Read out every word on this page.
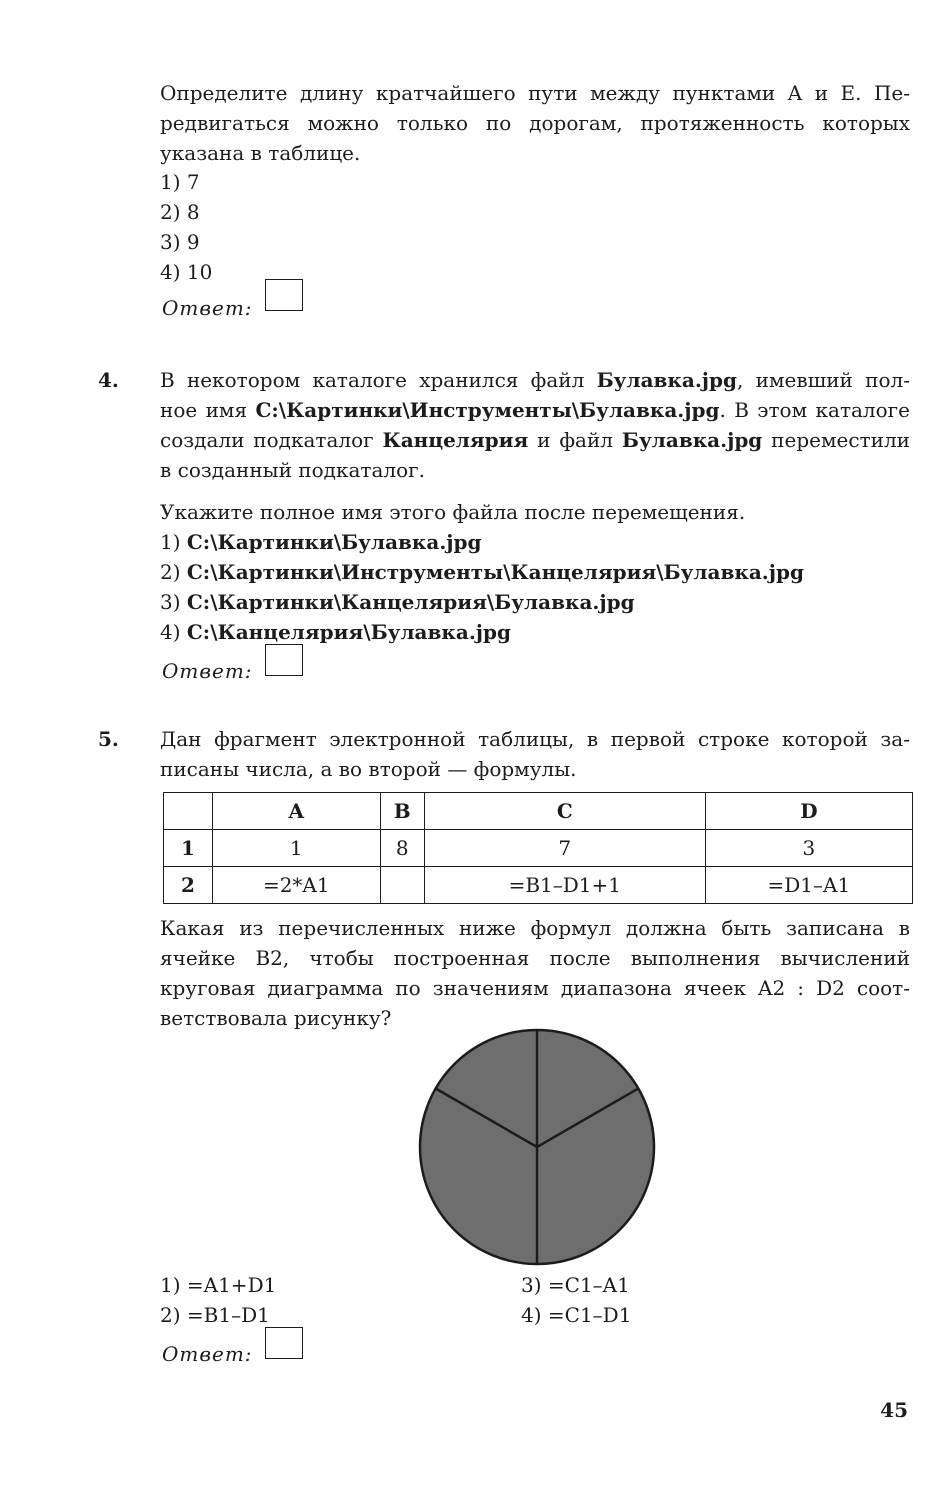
Определите длину кратчайшего пути между пунктами A и E. Пе-
редвигаться можно только по дорогам, протяженность которых
указана в таблице.
1) 7
2) 8
3) 9
4) 10
Ответ:
4. В некотором каталоге хранился файл Булавка.jpg, имевший пол-
ное имя C:\Картинки\Инструменты\Булавка.jpg. В этом каталоге
создали подкаталог Канцелярия и файл Булавка.jpg переместили
в созданный подкаталог.
Укажите полное имя этого файла после перемещения.
1) C:\Картинки\Булавка.jpg
2) C:\Картинки\Инструменты\Канцелярия\Булавка.jpg
3) C:\Картинки\Канцелярия\Булавка.jpg
4) C:\Канцелярия\Булавка.jpg
Ответ:
5. Дан фрагмент электронной таблицы, в первой строке которой за-
писаны числа, а во второй — формулы.
	A	B	C	D
1	1	8	7	3
2	=2*A1		=B1–D1+1	=D1–A1
Какая из перечисленных ниже формул должна быть записана в
ячейке B2, чтобы построенная после выполнения вычислений
круговая диаграмма по значениям диапазона ячеек A2 : D2 соот-
ветствовала рисунку?
1) =A1+D1
2) =B1–D1
3) =C1–A1
4) =C1–D1
Ответ:
45
